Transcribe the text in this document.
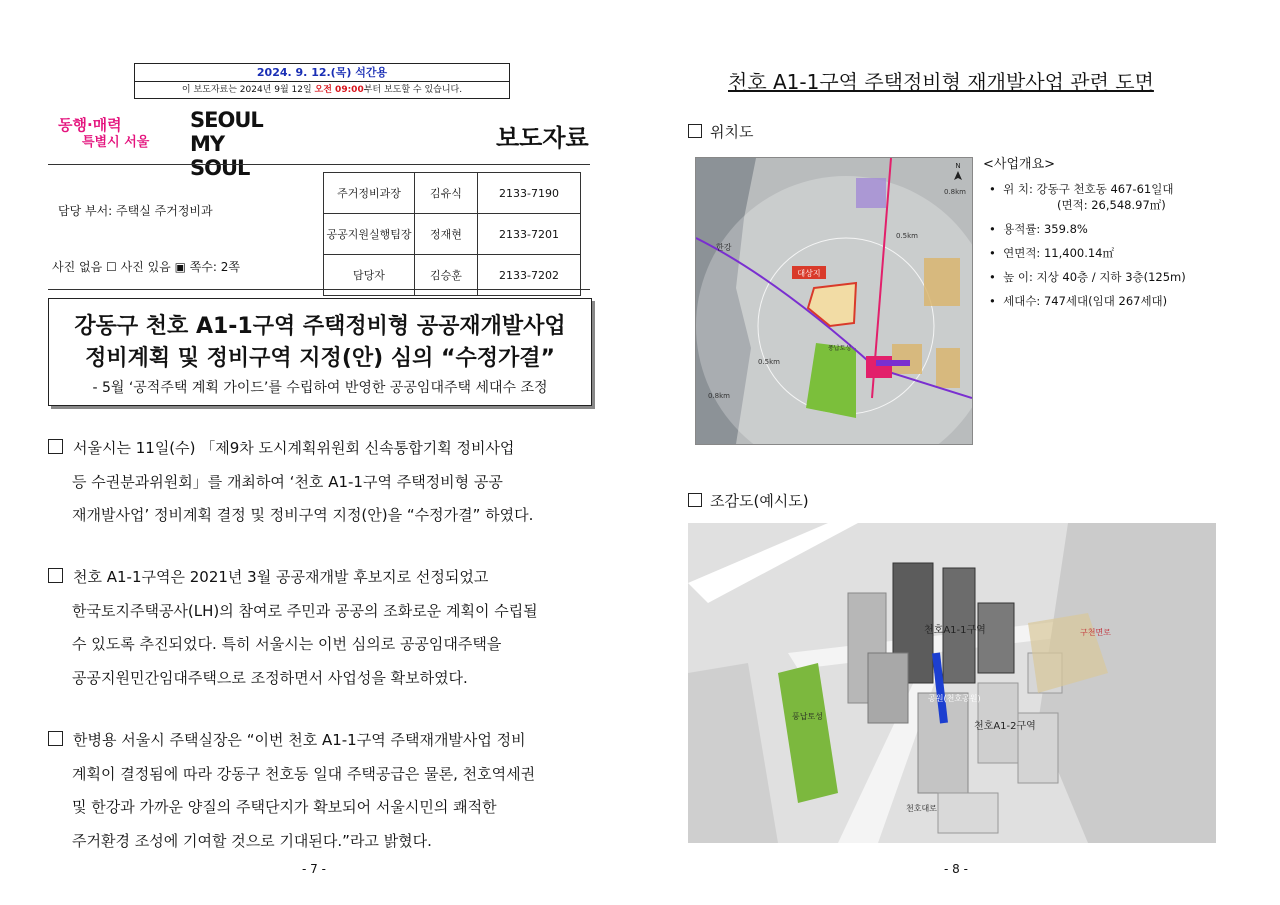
2024. 9. 12.(목) 석간용
이 보도자료는 2024년 9월 12일 오전 09:00부터 보도할 수 있습니다.
동행·매력
특별시 서울
SEOUL
MY SOUL
보도자료
담당 부서: 주택실 주거정비과
사진 없음 ☐ 사진 있음 ▣ 쪽수: 2쪽
주거정비과장	김유식	2133-7190
공공지원실행팀장	정재현	2133-7201
담당자	김승훈	2133-7202
강동구 천호 A1-1구역 주택정비형 공공재개발사업
정비계획 및 정비구역 지정(안) 심의 “수정가결”
- 5월 ‘공적주택 계획 가이드’를 수립하여 반영한 공공임대주택 세대수 조정
서울시는 11일(수) 「제9차 도시계획위원회 신속통합기획 정비사업
등 수권분과위원회」를 개최하여 ‘천호 A1-1구역 주택정비형 공공
재개발사업’ 정비계획 결정 및 정비구역 지정(안)을 “수정가결” 하였다.
천호 A1-1구역은 2021년 3월 공공재개발 후보지로 선정되었고
한국토지주택공사(LH)의 참여로 주민과 공공의 조화로운 계획이 수립될
수 있도록 추진되었다. 특히 서울시는 이번 심의로 공공임대주택을
공공지원민간임대주택으로 조정하면서 사업성을 확보하였다.
한병용 서울시 주택실장은 “이번 천호 A1-1구역 주택재개발사업 정비
계획이 결정됨에 따라 강동구 천호동 일대 주택공급은 물론, 천호역세권
및 한강과 가까운 양질의 주택단지가 확보되어 서울시민의 쾌적한
주거환경 조성에 기여할 것으로 기대된다.”라고 밝혔다.
- 7 -
천호 A1-1구역 주택정비형 재개발사업 관련 도면
위치도
대상지
한강
0.5km
0.5km
0.8km
0.8km
N
풍납토성
<사업개요>

•  위 치: 강동구 천호동 467-61일대
(면적: 26,548.97㎡)
•  용적률: 359.8%
•  연면적: 11,400.14㎡
•  높 이: 지상 40층 / 지하 3층(125m)
•  세대수: 747세대(임대 267세대)
조감도(예시도)
천호A1-1구역
천호A1-2구역
구천면로
천호대로
풍납토성
공원(천호공원)
- 8 -
